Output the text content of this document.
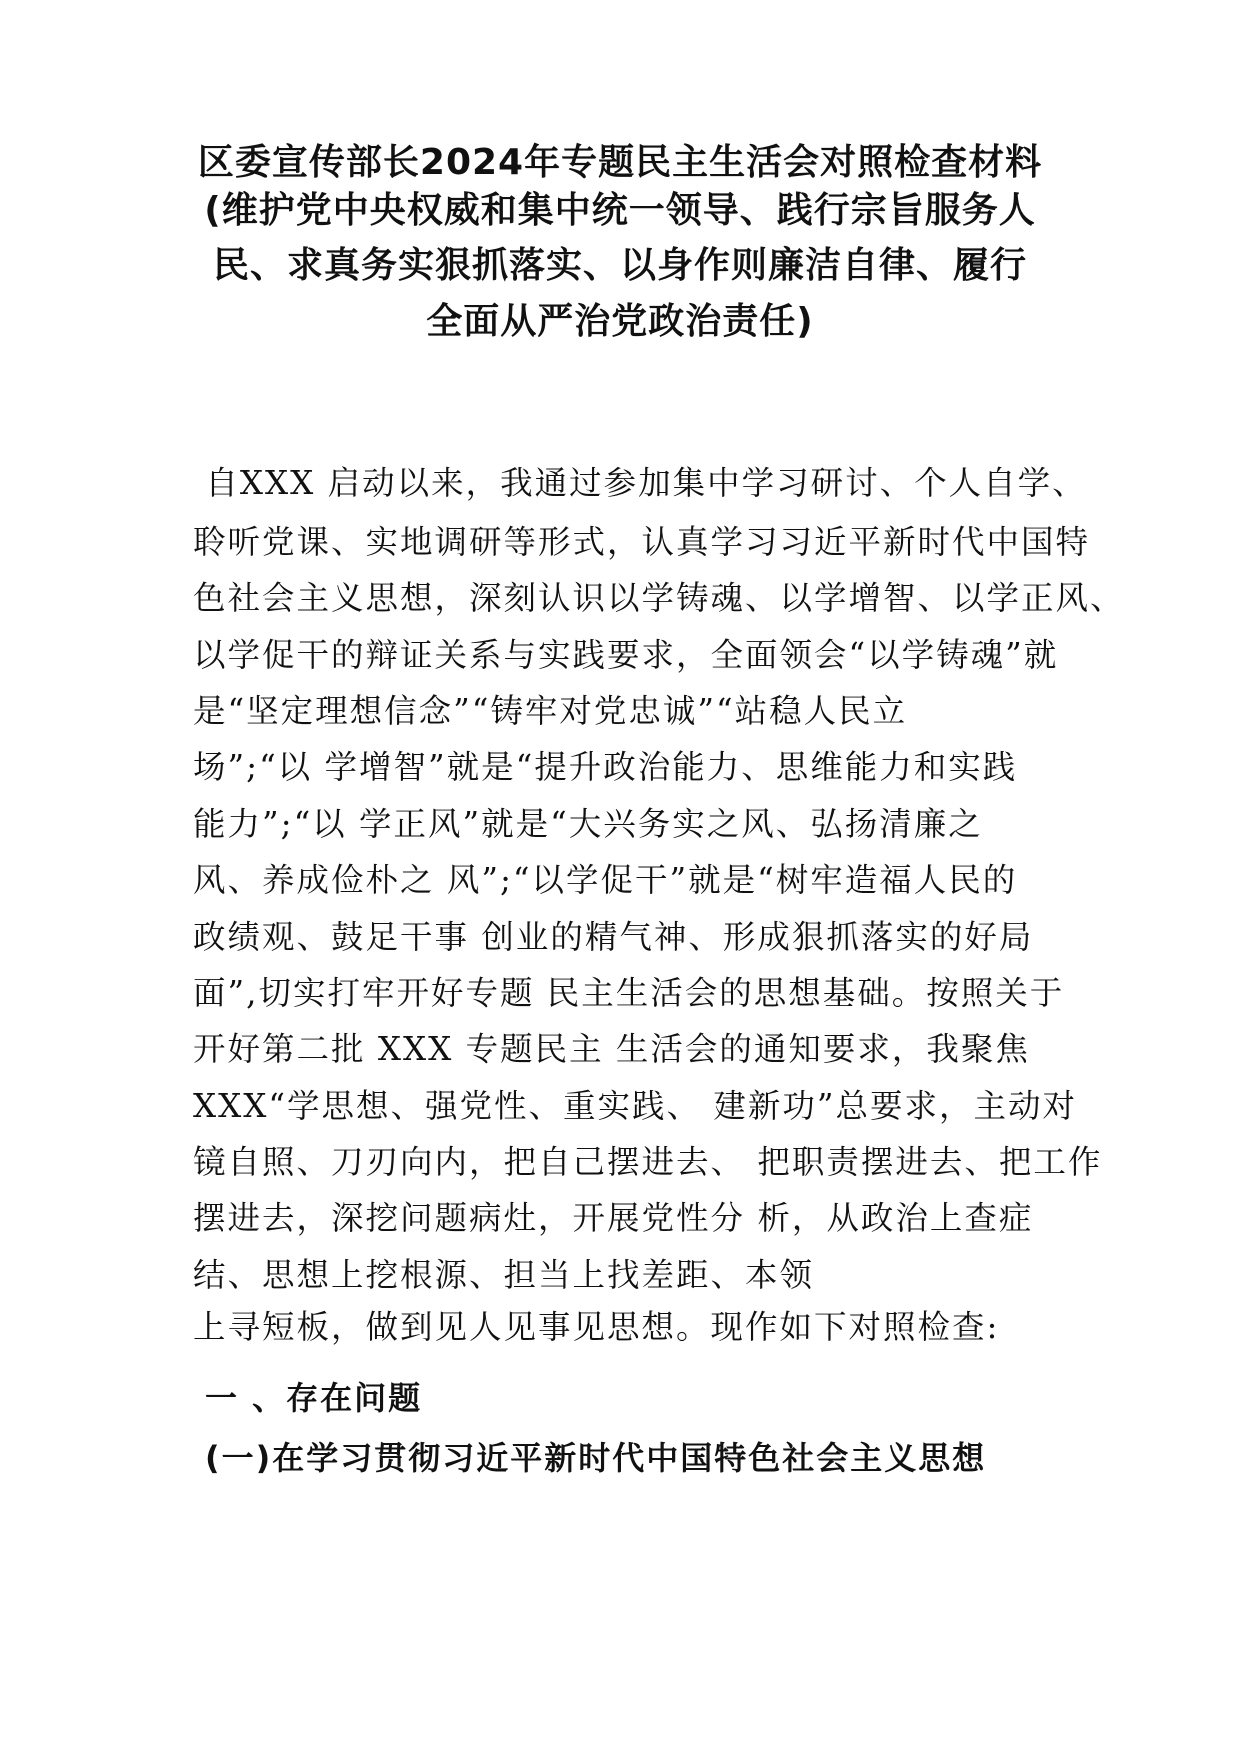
区委宣传部长2024年专题民主生活会对照检查材料
(维护党中央权威和集中统一领导、践行宗旨服务人
民、求真务实狠抓落实、以身作则廉洁自律、履行
全面从严治党政治责任)
自XXX 启动以来，我通过参加集中学习研讨、个人自学、
聆听党课、实地调研等形式，认真学习习近平新时代中国特
色社会主义思想，深刻认识以学铸魂、以学增智、以学正风、
以学促干的辩证关系与实践要求，全面领会“以学铸魂”就
是“坚定理想信念”“铸牢对党忠诚”“站稳人民立
场”;“以 学增智”就是“提升政治能力、思维能力和实践
能力”;“以 学正风”就是“大兴务实之风、弘扬清廉之
风、养成俭朴之 风”;“以学促干”就是“树牢造福人民的
政绩观、鼓足干事 创业的精气神、形成狠抓落实的好局
面”,切实打牢开好专题 民主生活会的思想基础。按照关于
开好第二批 XXX 专题民主 生活会的通知要求，我聚焦
XXX“学思想、强党性、重实践、 建新功”总要求，主动对
镜自照、刀刃向内，把自己摆进去、 把职责摆进去、把工作
摆进去，深挖问题病灶，开展党性分 析，从政治上查症
结、思想上挖根源、担当上找差距、本领
上寻短板，做到见人见事见思想。现作如下对照检查:
一 、存在问题
(一)在学习贯彻习近平新时代中国特色社会主义思想
